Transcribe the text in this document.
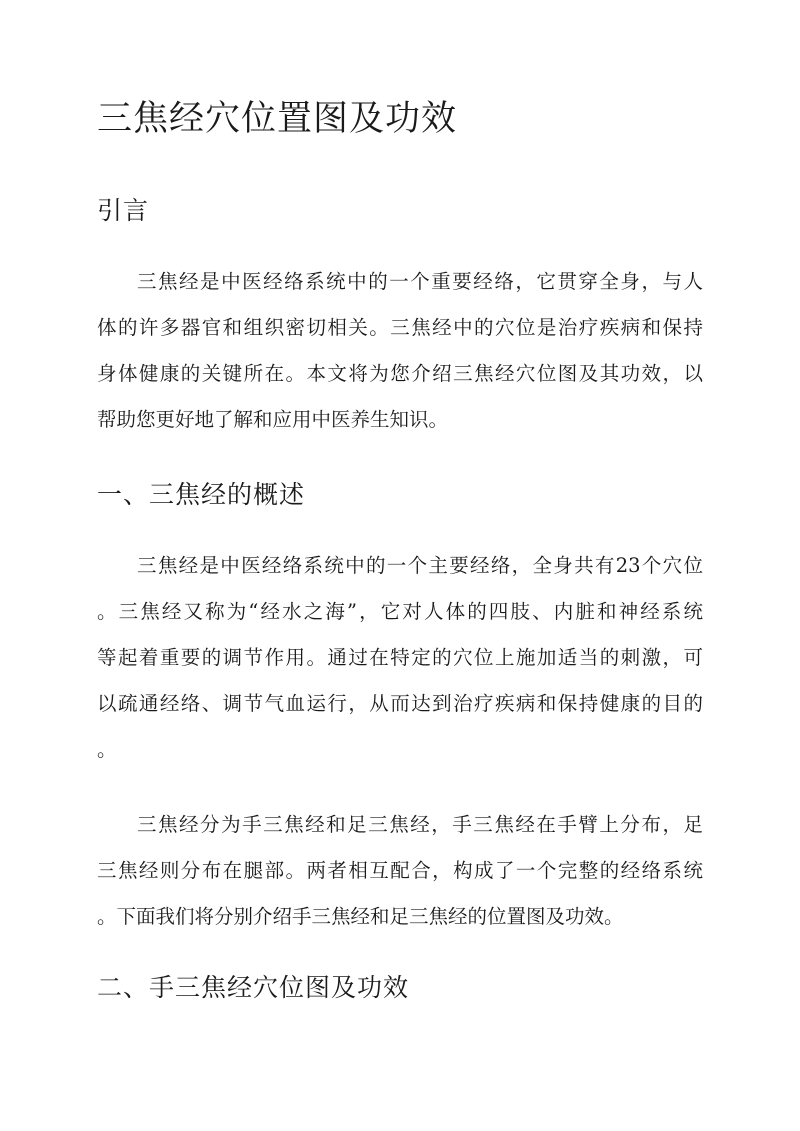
三焦经穴位置图及功效
引言
三焦经是中医经络系统中的一个重要经络，它贯穿全身，与人
体的许多器官和组织密切相关。三焦经中的穴位是治疗疾病和保持
身体健康的关键所在。本文将为您介绍三焦经穴位图及其功效，以
帮助您更好地了解和应用中医养生知识。
一、三焦经的概述
三焦经是中医经络系统中的一个主要经络，全身共有23个穴位
。三焦经又称为“经水之海”，它对人体的四肢、内脏和神经系统
等起着重要的调节作用。通过在特定的穴位上施加适当的刺激，可
以疏通经络、调节气血运行，从而达到治疗疾病和保持健康的目的
。
三焦经分为手三焦经和足三焦经，手三焦经在手臂上分布，足
三焦经则分布在腿部。两者相互配合，构成了一个完整的经络系统
。下面我们将分别介绍手三焦经和足三焦经的位置图及功效。
二、手三焦经穴位图及功效
